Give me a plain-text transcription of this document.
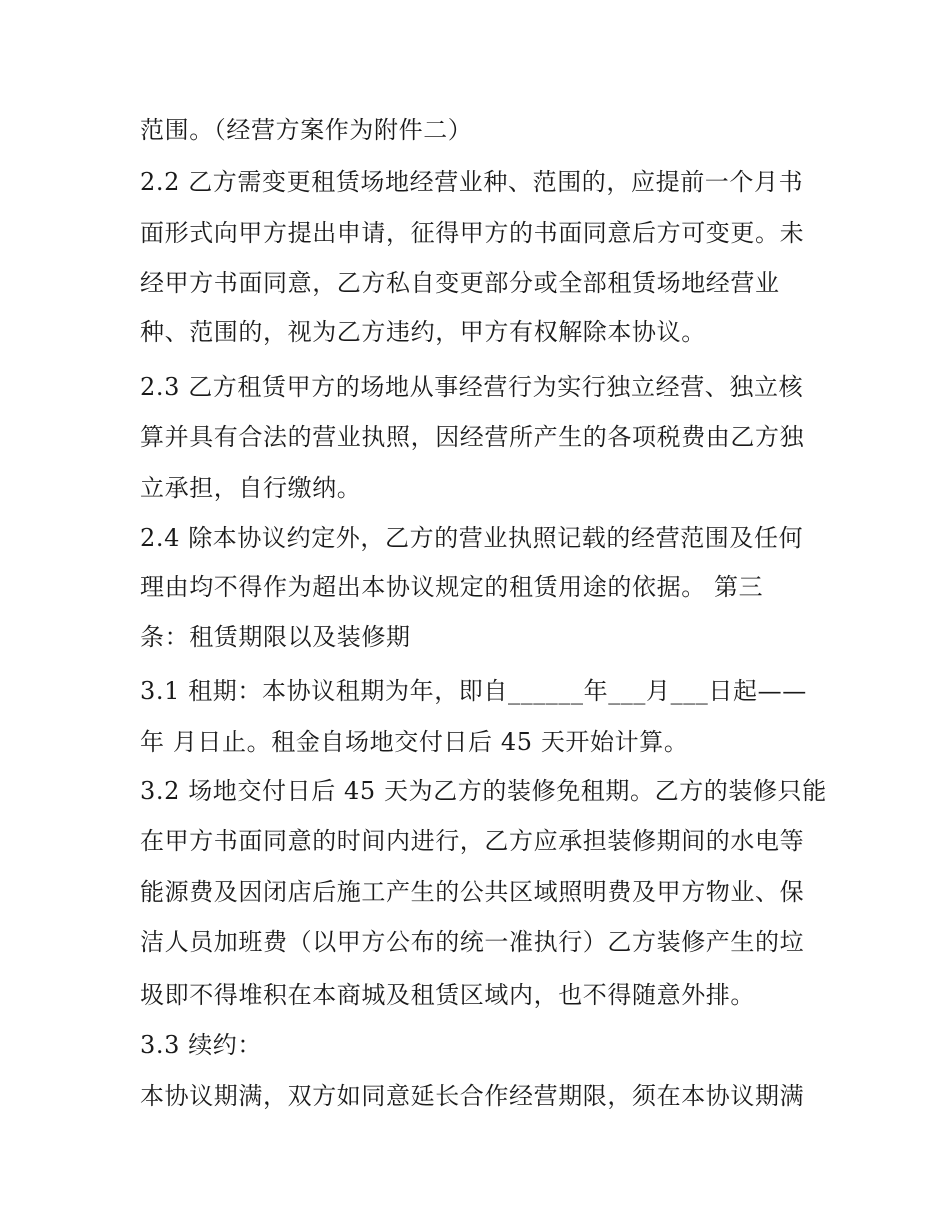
范围。（经营方案作为附件二）
2.2 乙方需变更租赁场地经营业种、范围的，应提前一个月书
面形式向甲方提出申请，征得甲方的书面同意后方可变更。未
经甲方书面同意，乙方私自变更部分或全部租赁场地经营业
种、范围的，视为乙方违约，甲方有权解除本协议。
2.3 乙方租赁甲方的场地从事经营行为实行独立经营、独立核
算并具有合法的营业执照，因经营所产生的各项税费由乙方独
立承担，自行缴纳。
2.4 除本协议约定外，乙方的营业执照记载的经营范围及任何
理由均不得作为超出本协议规定的租赁用途的依据。 第三
条：租赁期限以及装修期
3.1 租期：本协议租期为年，即自______年___月___日起——
年 月日止。租金自场地交付日后 45 天开始计算。
3.2 场地交付日后 45 天为乙方的装修免租期。乙方的装修只能
在甲方书面同意的时间内进行，乙方应承担装修期间的水电等
能源费及因闭店后施工产生的公共区域照明费及甲方物业、保
洁人员加班费（以甲方公布的统一准执行）乙方装修产生的垃
圾即不得堆积在本商城及租赁区域内，也不得随意外排。
3.3 续约：
本协议期满，双方如同意延长合作经营期限，须在本协议期满
